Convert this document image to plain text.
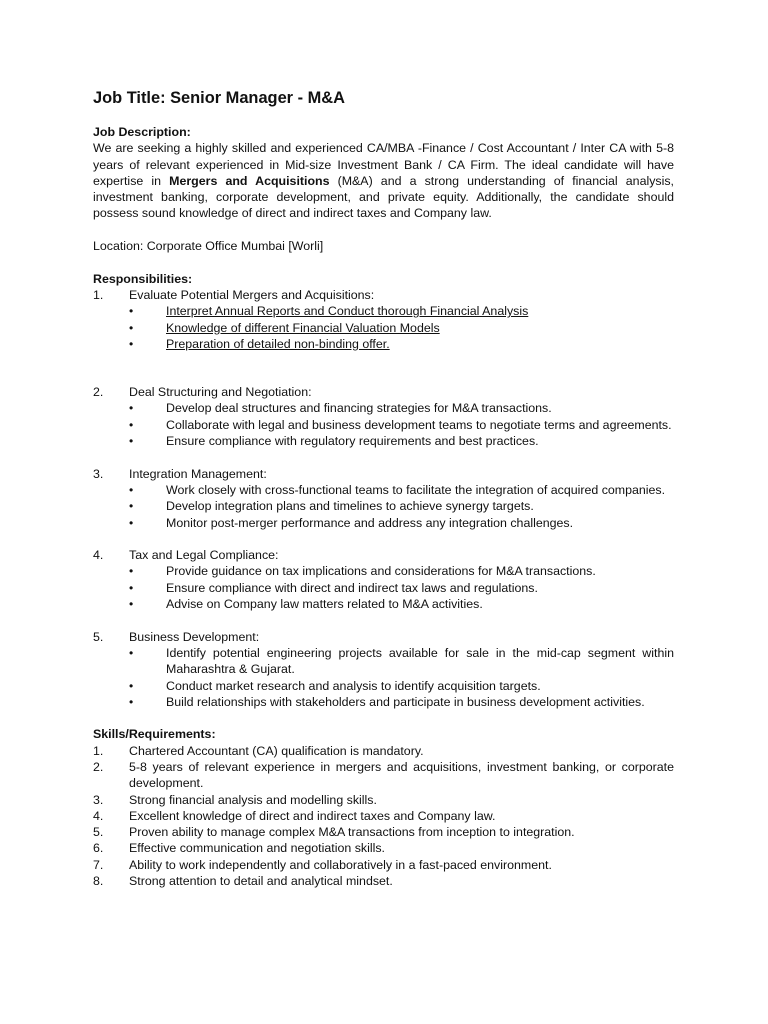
Job Title: Senior Manager - M&A
Job Description:

We are seeking a highly skilled and experienced CA/MBA -Finance / Cost Accountant / Inter CA with 5-8 years of relevant experienced in Mid-size Investment Bank / CA Firm. The ideal candidate will have expertise in Mergers and Acquisitions (M&A) and a strong understanding of financial analysis, investment banking, corporate development, and private equity. Additionally, the candidate should possess sound knowledge of direct and indirect taxes and Company law.

Location: Corporate Office Mumbai [Worli]

Responsibilities:
1.	Evaluate Potential Mergers and Acquisitions:
•	Interpret Annual Reports and Conduct thorough Financial Analysis
•	Knowledge of different Financial Valuation Models
•	Preparation of detailed non-binding offer.
2.	Deal Structuring and Negotiation:
•	Develop deal structures and financing strategies for M&A transactions.
•	Collaborate with legal and business development teams to negotiate terms and agreements.
•	Ensure compliance with regulatory requirements and best practices.
3.	Integration Management:
•	Work closely with cross-functional teams to facilitate the integration of acquired companies.
•	Develop integration plans and timelines to achieve synergy targets.
•	Monitor post-merger performance and address any integration challenges.
4.	Tax and Legal Compliance:
•	Provide guidance on tax implications and considerations for M&A transactions.
•	Ensure compliance with direct and indirect tax laws and regulations.
•	Advise on Company law matters related to M&A activities.
5.	Business Development:
•	Identify potential engineering projects available for sale in the mid-cap segment within Maharashtra & Gujarat.
•	Conduct market research and analysis to identify acquisition targets.
•	Build relationships with stakeholders and participate in business development activities.
Skills/Requirements:
1.	Chartered Accountant (CA) qualification is mandatory.
2.	5-8 years of relevant experience in mergers and acquisitions, investment banking, or corporate development.
3.	Strong financial analysis and modelling skills.
4.	Excellent knowledge of direct and indirect taxes and Company law.
5.	Proven ability to manage complex M&A transactions from inception to integration.
6.	Effective communication and negotiation skills.
7.	Ability to work independently and collaboratively in a fast-paced environment.
8.	Strong attention to detail and analytical mindset.
